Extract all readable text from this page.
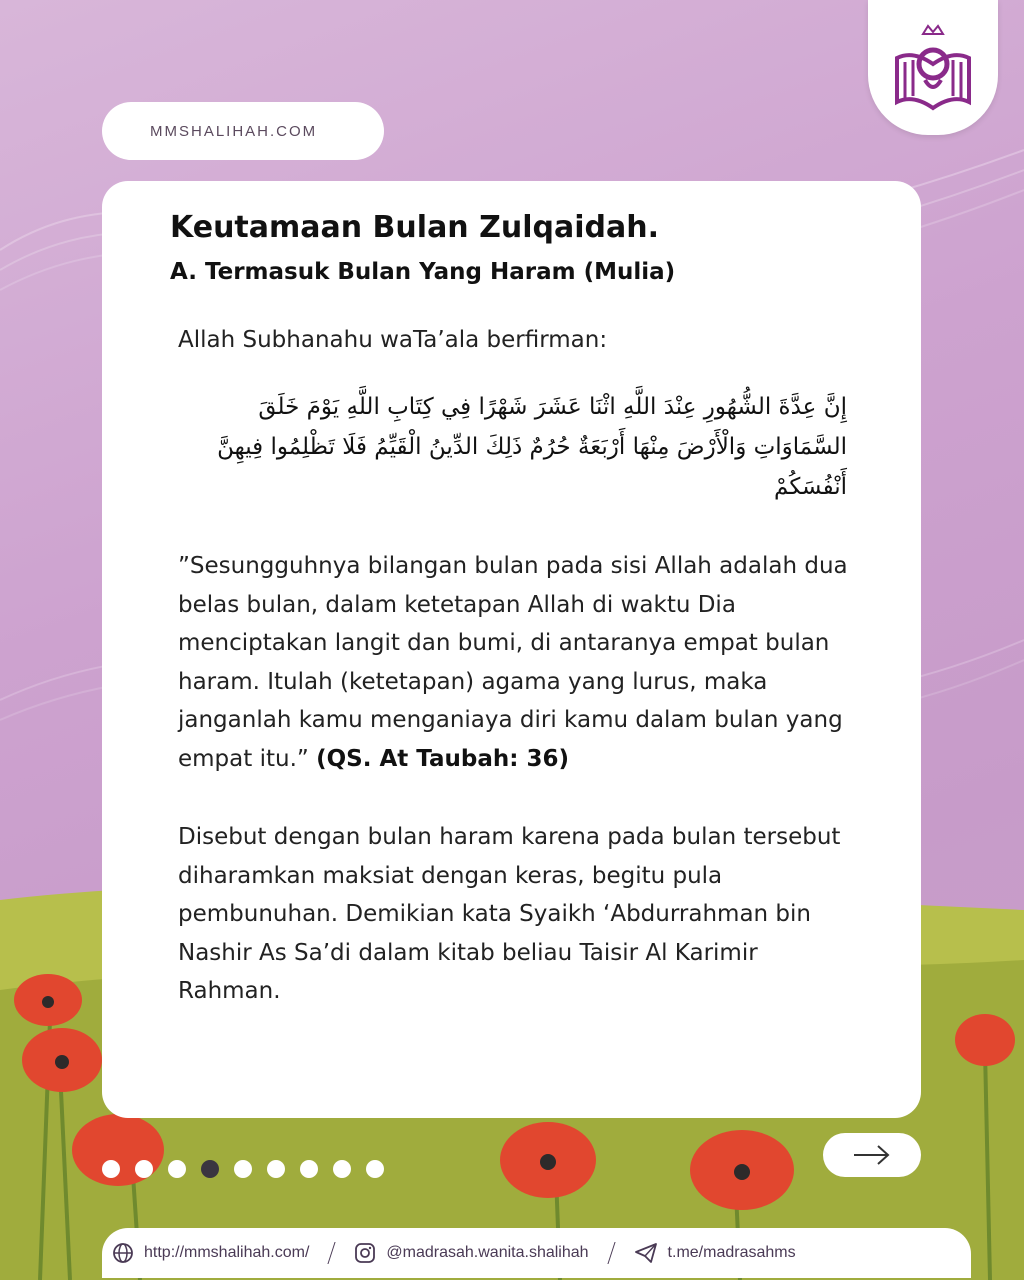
MMSHALIHAH.COM
Keutamaan Bulan Zulqaidah.
A. Termasuk Bulan Yang Haram (Mulia)

Allah Subhanahu waTa’ala berfirman:

إِنَّ عِدَّةَ الشُّهُورِ عِنْدَ اللَّهِ اثْنَا عَشَرَ شَهْرًا فِي كِتَابِ اللَّهِ يَوْمَ خَلَقَ السَّمَاوَاتِ وَالْأَرْضَ مِنْهَا أَرْبَعَةٌ حُرُمٌ ذَلِكَ الدِّينُ الْقَيِّمُ فَلَا تَظْلِمُوا فِيهِنَّ أَنْفُسَكُمْ

”Sesungguhnya bilangan bulan pada sisi Allah adalah dua belas bulan, dalam ketetapan Allah di waktu Dia menciptakan langit dan bumi, di antaranya empat bulan haram. Itulah (ketetapan) agama yang lurus, maka janganlah kamu menganiaya diri kamu dalam bulan yang empat itu.” (QS. At Taubah: 36)

Disebut dengan bulan haram karena pada bulan tersebut diharamkan maksiat dengan keras, begitu pula pembunuhan. Demikian kata Syaikh ‘Abdurrahman bin Nashir As Sa’di dalam kitab beliau Taisir Al Karimir Rahman.

http://mmshalihah.com/	@madrasah.wanita.shalihah	t.me/madrasahms
